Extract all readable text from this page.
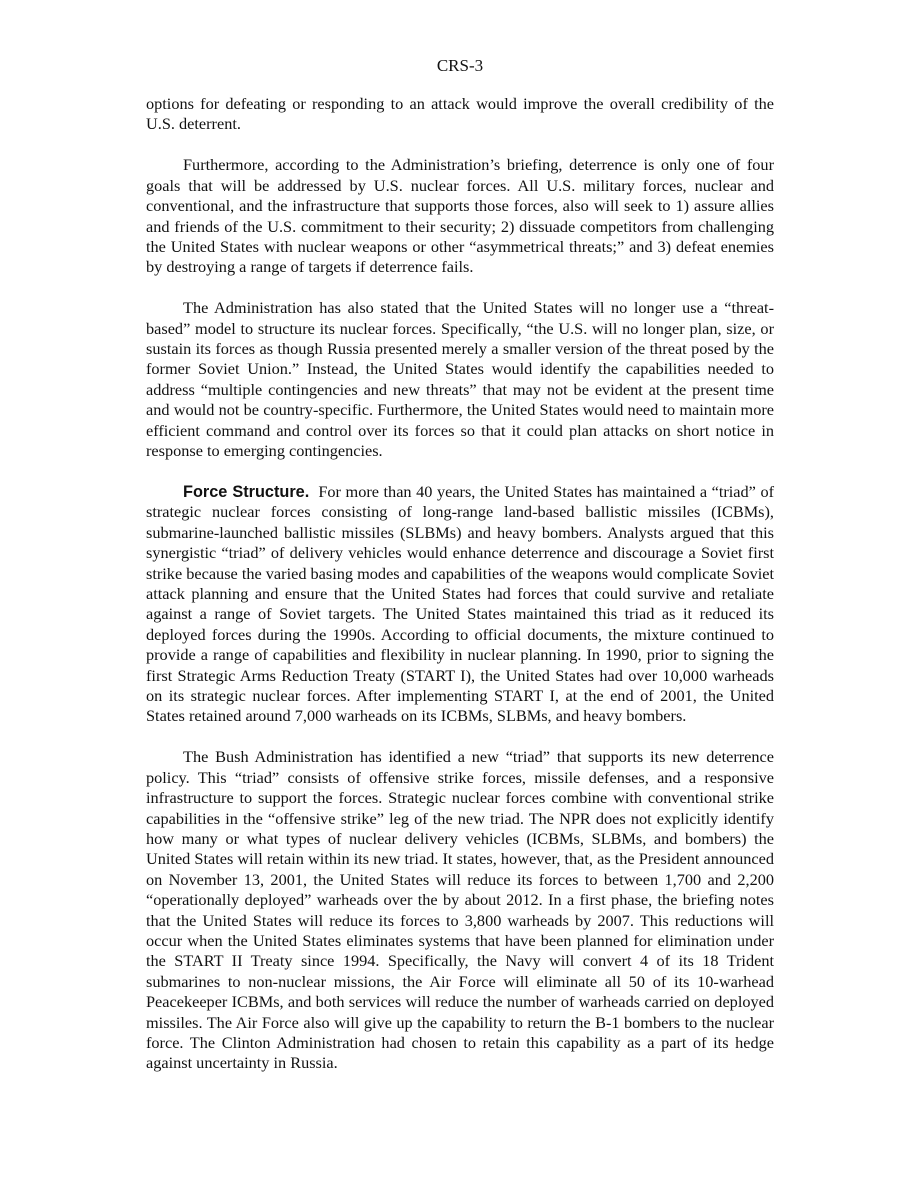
CRS-3

options for defeating or responding to an attack would improve the overall credibility of the U.S. deterrent.

Furthermore, according to the Administration’s briefing, deterrence is only one of four goals that will be addressed by U.S. nuclear forces. All U.S. military forces, nuclear and conventional, and the infrastructure that supports those forces, also will seek to 1) assure allies and friends of the U.S. commitment to their security; 2) dissuade competitors from challenging the United States with nuclear weapons or other “asymmetrical threats;” and 3) defeat enemies by destroying a range of targets if deterrence fails.

The Administration has also stated that the United States will no longer use a “threat-based” model to structure its nuclear forces. Specifically, “the U.S. will no longer plan, size, or sustain its forces as though Russia presented merely a smaller version of the threat posed by the former Soviet Union.” Instead, the United States would identify the capabilities needed to address “multiple contingencies and new threats” that may not be evident at the present time and would not be country-specific. Furthermore, the United States would need to maintain more efficient command and control over its forces so that it could plan attacks on short notice in response to emerging contingencies.

Force Structure. For more than 40 years, the United States has maintained a “triad” of strategic nuclear forces consisting of long-range land-based ballistic missiles (ICBMs), submarine-launched ballistic missiles (SLBMs) and heavy bombers. Analysts argued that this synergistic “triad” of delivery vehicles would enhance deterrence and discourage a Soviet first strike because the varied basing modes and capabilities of the weapons would complicate Soviet attack planning and ensure that the United States had forces that could survive and retaliate against a range of Soviet targets. The United States maintained this triad as it reduced its deployed forces during the 1990s. According to official documents, the mixture continued to provide a range of capabilities and flexibility in nuclear planning. In 1990, prior to signing the first Strategic Arms Reduction Treaty (START I), the United States had over 10,000 warheads on its strategic nuclear forces. After implementing START I, at the end of 2001, the United States retained around 7,000 warheads on its ICBMs, SLBMs, and heavy bombers.

The Bush Administration has identified a new “triad” that supports its new deterrence policy. This “triad” consists of offensive strike forces, missile defenses, and a responsive infrastructure to support the forces. Strategic nuclear forces combine with conventional strike capabilities in the “offensive strike” leg of the new triad. The NPR does not explicitly identify how many or what types of nuclear delivery vehicles (ICBMs, SLBMs, and bombers) the United States will retain within its new triad. It states, however, that, as the President announced on November 13, 2001, the United States will reduce its forces to between 1,700 and 2,200 “operationally deployed” warheads over the by about 2012. In a first phase, the briefing notes that the United States will reduce its forces to 3,800 warheads by 2007. This reductions will occur when the United States eliminates systems that have been planned for elimination under the START II Treaty since 1994. Specifically, the Navy will convert 4 of its 18 Trident submarines to non-nuclear missions, the Air Force will eliminate all 50 of its 10-warhead Peacekeeper ICBMs, and both services will reduce the number of warheads carried on deployed missiles. The Air Force also will give up the capability to return the B-1 bombers to the nuclear force. The Clinton Administration had chosen to retain this capability as a part of its hedge against uncertainty in Russia.
